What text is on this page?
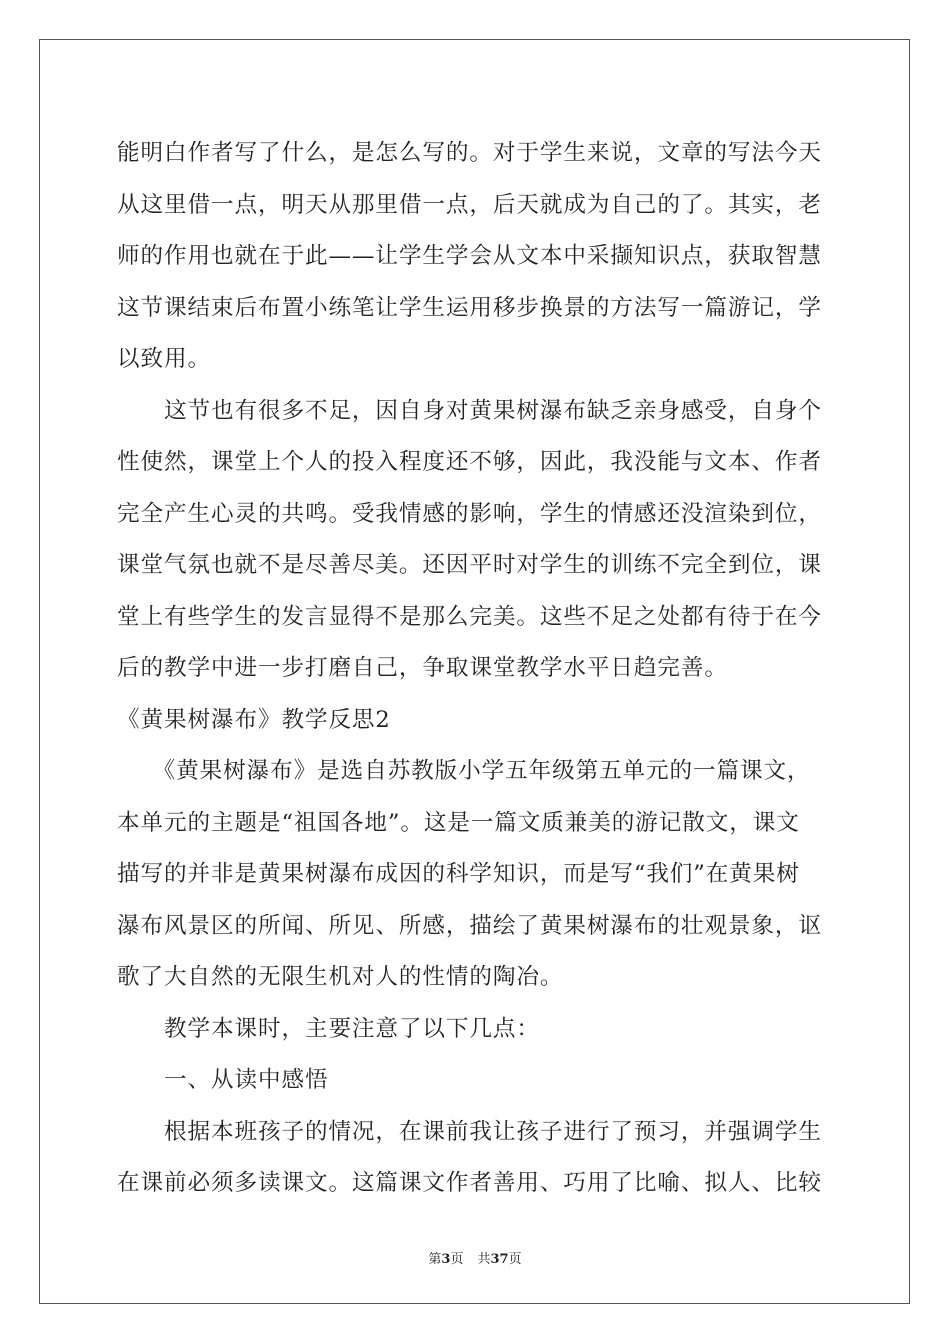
能明白作者写了什么，是怎么写的。对于学生来说，文章的写法今天
从这里借一点，明天从那里借一点，后天就成为自己的了。其实，老
师的作用也就在于此——让学生学会从文本中采撷知识点，获取智慧
这节课结束后布置小练笔让学生运用移步换景的方法写一篇游记，学
以致用。
　　这节也有很多不足，因自身对黄果树瀑布缺乏亲身感受，自身个
性使然，课堂上个人的投入程度还不够，因此，我没能与文本、作者
完全产生心灵的共鸣。受我情感的影响，学生的情感还没渲染到位，
课堂气氛也就不是尽善尽美。还因平时对学生的训练不完全到位，课
堂上有些学生的发言显得不是那么完美。这些不足之处都有待于在今
后的教学中进一步打磨自己，争取课堂教学水平日趋完善。
《黄果树瀑布》教学反思2
　　《黄果树瀑布》是选自苏教版小学五年级第五单元的一篇课文，
本单元的主题是“祖国各地”。这是一篇文质兼美的游记散文，课文
描写的并非是黄果树瀑布成因的科学知识，而是写“我们”在黄果树
瀑布风景区的所闻、所见、所感，描绘了黄果树瀑布的壮观景象，讴
歌了大自然的无限生机对人的性情的陶冶。
　　教学本课时，主要注意了以下几点：
　　一、从读中感悟
　　根据本班孩子的情况，在课前我让孩子进行了预习，并强调学生
在课前必须多读课文。这篇课文作者善用、巧用了比喻、拟人、比较
第3页 共37页
